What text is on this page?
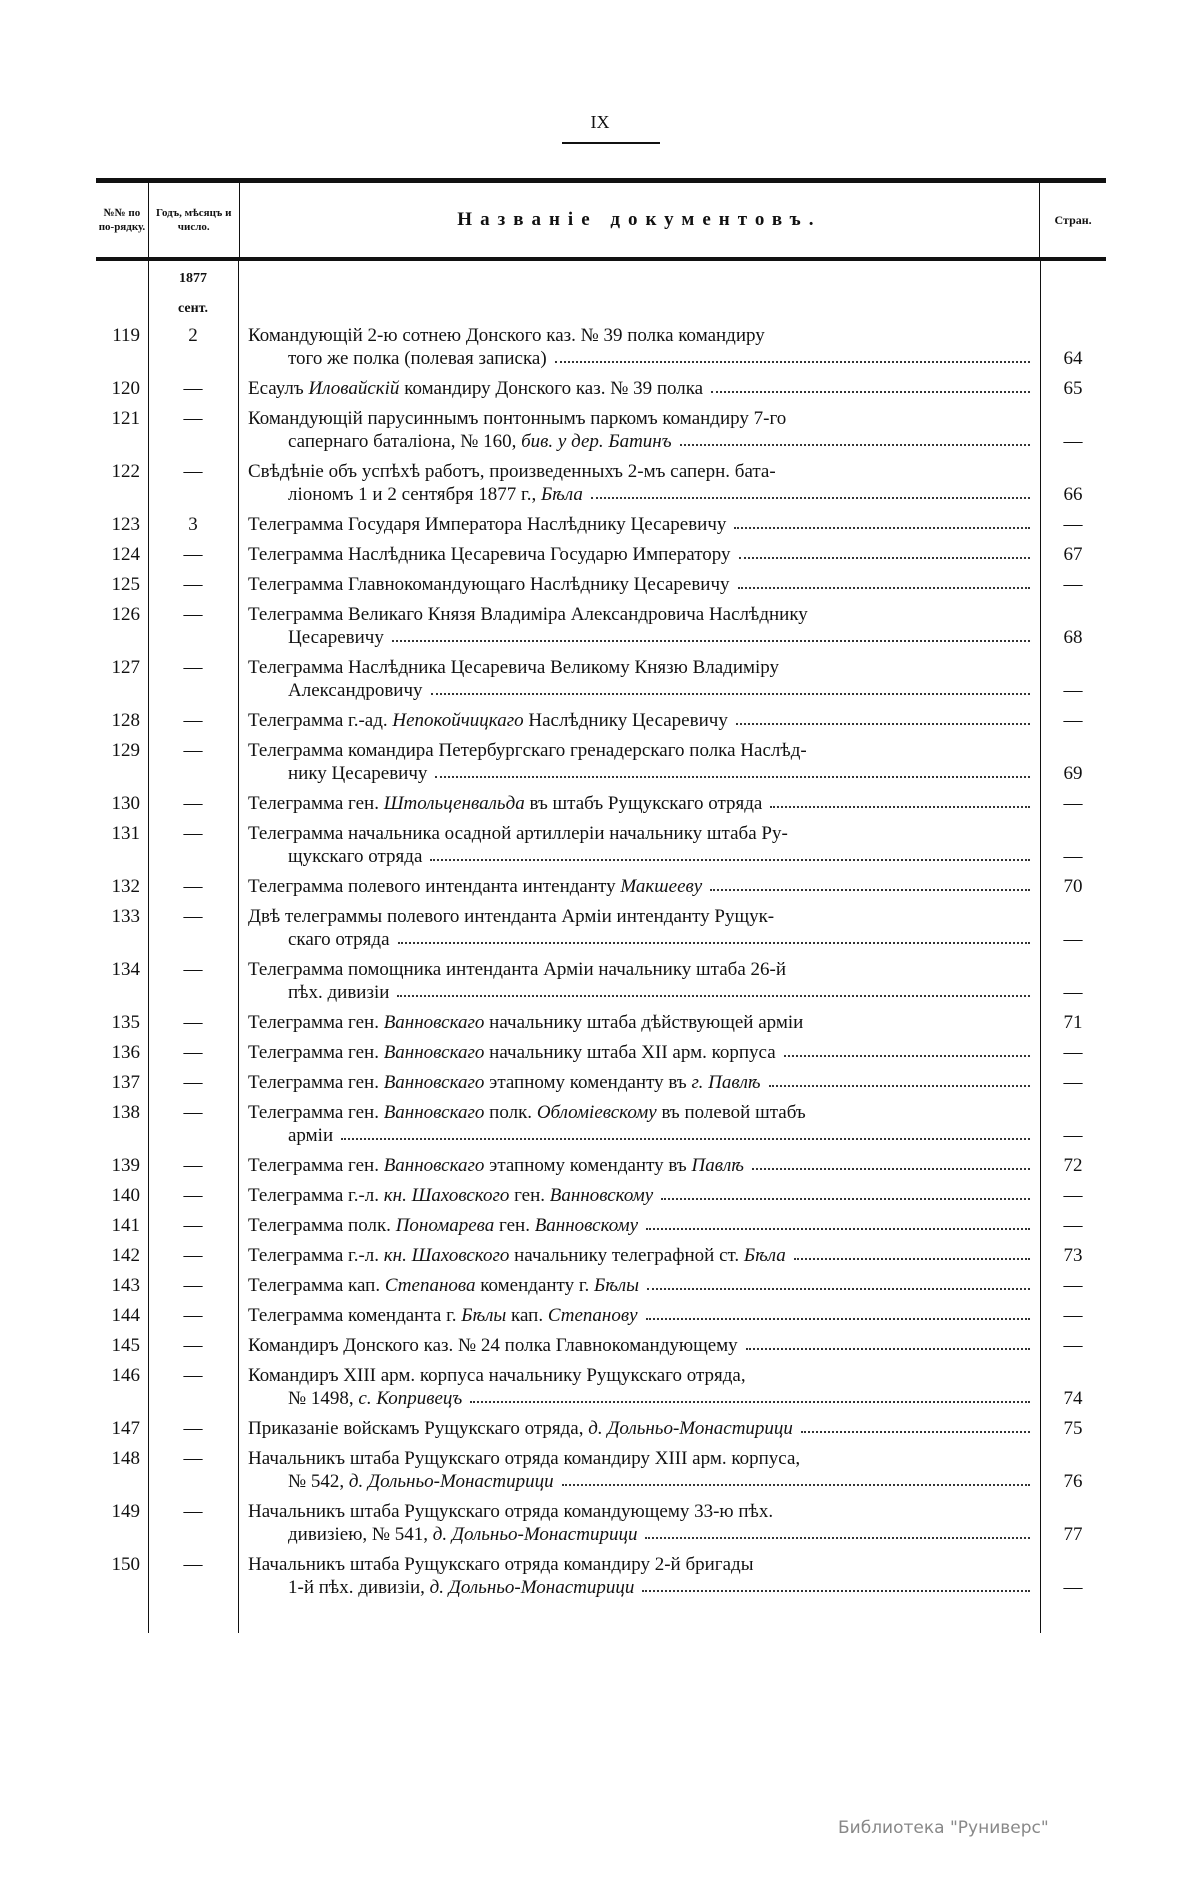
IX
№№ по по-рядку.
Годъ, мѣсяцъ и число.	Названіе документовъ.	Стран.
1877
сент.
119	2	Командующій 2-ю сотнею Донского каз. № 39 полка командиру
того же полка (полевая записка)	64
120	—	Есаулъ Иловайскій командиру Донского каз. № 39 полка	65
121	—	Командующій парусиннымъ понтоннымъ паркомъ командиру 7-го
сапернаго баталіона, № 160, бив. у дер. Батинъ	—
122	—	Свѣдѣніе объ успѣхѣ работъ, произведенныхъ 2-мъ саперн. бата-
ліономъ 1 и 2 сентября 1877 г., Бѣла	66
123	3	Телеграмма Государя Императора Наслѣднику Цесаревичу	—
124	—	Телеграмма Наслѣдника Цесаревича Государю Императору	67
125	—	Телеграмма Главнокомандующаго Наслѣднику Цесаревичу	—
126	—	Телеграмма Великаго Князя Владиміра Александровича Наслѣднику
Цесаревичу	68
127	—	Телеграмма Наслѣдника Цесаревича Великому Князю Владиміру
Александровичу	—
128	—	Телеграмма г.-ад. Непокойчицкаго Наслѣднику Цесаревичу	—
129	—	Телеграмма командира Петербургскаго гренадерскаго полка Наслѣд-
нику Цесаревичу	69
130	—	Телеграмма ген. Штольценвальда въ штабъ Рущукскаго отряда	—
131	—	Телеграмма начальника осадной артиллеріи начальнику штаба Ру-
щукскаго отряда	—
132	—	Телеграмма полевого интенданта интенданту Макшееву	70
133	—	Двѣ телеграммы полевого интенданта Арміи интенданту Рущук-
скаго отряда	—
134	—	Телеграмма помощника интенданта Арміи начальнику штаба 26-й
пѣх. дивизіи	—
135	—	Телеграмма ген. Ванновскаго начальнику штаба дѣйствующей арміи	71
136	—	Телеграмма ген. Ванновскаго начальнику штаба XII арм. корпуса	—
137	—	Телеграмма ген. Ванновскаго этапному коменданту въ г. Павлѣ	—
138	—	Телеграмма ген. Ванновскаго полк. Обломіевскому въ полевой штабъ
арміи	—
139	—	Телеграмма ген. Ванновскаго этапному коменданту въ Павлѣ	72
140	—	Телеграмма г.-л. кн. Шаховского ген. Ванновскому	—
141	—	Телеграмма полк. Пономарева ген. Ванновскому	—
142	—	Телеграмма г.-л. кн. Шаховского начальнику телеграфной ст. Бѣла	73
143	—	Телеграмма кап. Степанова коменданту г. Бѣлы	—
144	—	Телеграмма коменданта г. Бѣлы кап. Степанову	—
145	—	Командиръ Донского каз. № 24 полка Главнокомандующему	—
146	—	Командиръ XIII арм. корпуса начальнику Рущукскаго отряда,
№ 1498, с. Копривецъ	74
147	—	Приказаніе войскамъ Рущукскаго отряда, д. Дольньо-Монастирици	75
148	—	Начальникъ штаба Рущукскаго отряда командиру XIII арм. корпуса,
№ 542, д. Дольньо-Монастирици	76
149	—	Начальникъ штаба Рущукскаго отряда командующему 33-ю пѣх.
дивизіею, № 541, д. Дольньо-Монастирици	77
150	—	Начальникъ штаба Рущукскаго отряда командиру 2-й бригады
1-й пѣх. дивизіи, д. Дольньо-Монастирици	—
Библиотека "Руниверс"
